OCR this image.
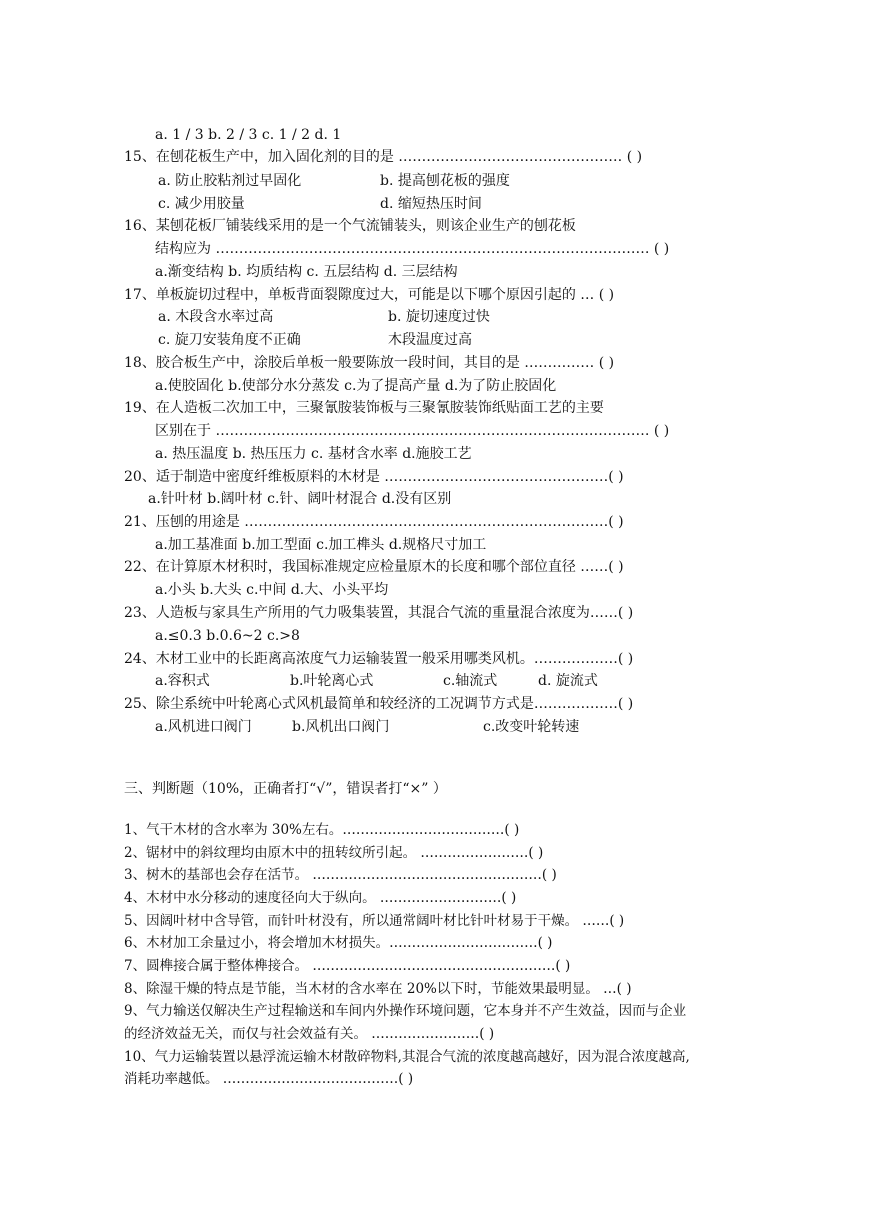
a. 1 / 3 b. 2 / 3 c. 1 / 2 d. 1
15、在刨花板生产中，加入固化剂的目的是 ………………………………………… ( )
a. 防止胶粘剂过早固化	b. 提高刨花板的强度
c. 减少用胶量	d. 缩短热压时间
16、某刨花板厂铺装线采用的是一个气流铺装头，则该企业生产的刨花板
结构应为 ………………………………………………………………………………… ( )
a.渐变结构 b. 均质结构 c. 五层结构 d. 三层结构
17、单板旋切过程中，单板背面裂隙度过大，可能是以下哪个原因引起的 … ( )
a. 木段含水率过高	b. 旋切速度过快
c. 旋刀安装角度不正确	木段温度过高
18、胶合板生产中，涂胶后单板一般要陈放一段时间，其目的是 …………… ( )
a.使胶固化 b.使部分水分蒸发 c.为了提高产量 d.为了防止胶固化
19、在人造板二次加工中，三聚氰胺装饰板与三聚氰胺装饰纸贴面工艺的主要
区别在于 ………………………………………………………………………………… ( )
a. 热压温度 b. 热压压力 c. 基材含水率 d.施胶工艺
20、适于制造中密度纤维板原料的木材是 …………………………………………( )
a.针叶材 b.阔叶材 c.针、阔叶材混合 d.没有区别
21、压刨的用途是 ……………………………………………………………………( )
a.加工基准面 b.加工型面 c.加工榫头 d.规格尺寸加工
22、在计算原木材积时，我国标准规定应检量原木的长度和哪个部位直径 ……( )
a.小头 b.大头 c.中间 d.大、小头平均
23、人造板与家具生产所用的气力吸集装置，其混合气流的重量混合浓度为……( )
a.≤0.3 b.0.6~2 c.>8
24、木材工业中的长距离高浓度气力运输装置一般采用哪类风机。………………( )
a.容积式	b.叶轮离心式	c.轴流式	d. 旋流式
25、除尘系统中叶轮离心式风机最简单和较经济的工况调节方式是………………( )
a.风机进口阀门	b.风机出口阀门	c.改变叶轮转速
三、判断题（10%，正确者打“√”，错误者打“×” ）
1、气干木材的含水率为 30%左右。………………………………( )
2、锯材中的斜纹理均由原木中的扭转纹所引起。 ……………………( )
3、树木的基部也会存在活节。 ……………………………………………( )
4、木材中水分移动的速度径向大于纵向。 ………………………( )
5、因阔叶材中含导管，而针叶材没有，所以通常阔叶材比针叶材易于干燥。 ……( )
6、木材加工余量过小，将会增加木材损失。……………………………( )
7、圆榫接合属于整体榫接合。 ………………………………………………( )
8、除湿干燥的特点是节能，当木材的含水率在 20%以下时，节能效果最明显。 …( )
9、气力输送仅解决生产过程输送和车间内外操作环境问题，它本身并不产生效益，因而与企业
的经济效益无关，而仅与社会效益有关。 ……………………( )
10、气力运输装置以悬浮流运输木材散碎物料,其混合气流的浓度越高越好，因为混合浓度越高,
消耗功率越低。 …………………………………( )
